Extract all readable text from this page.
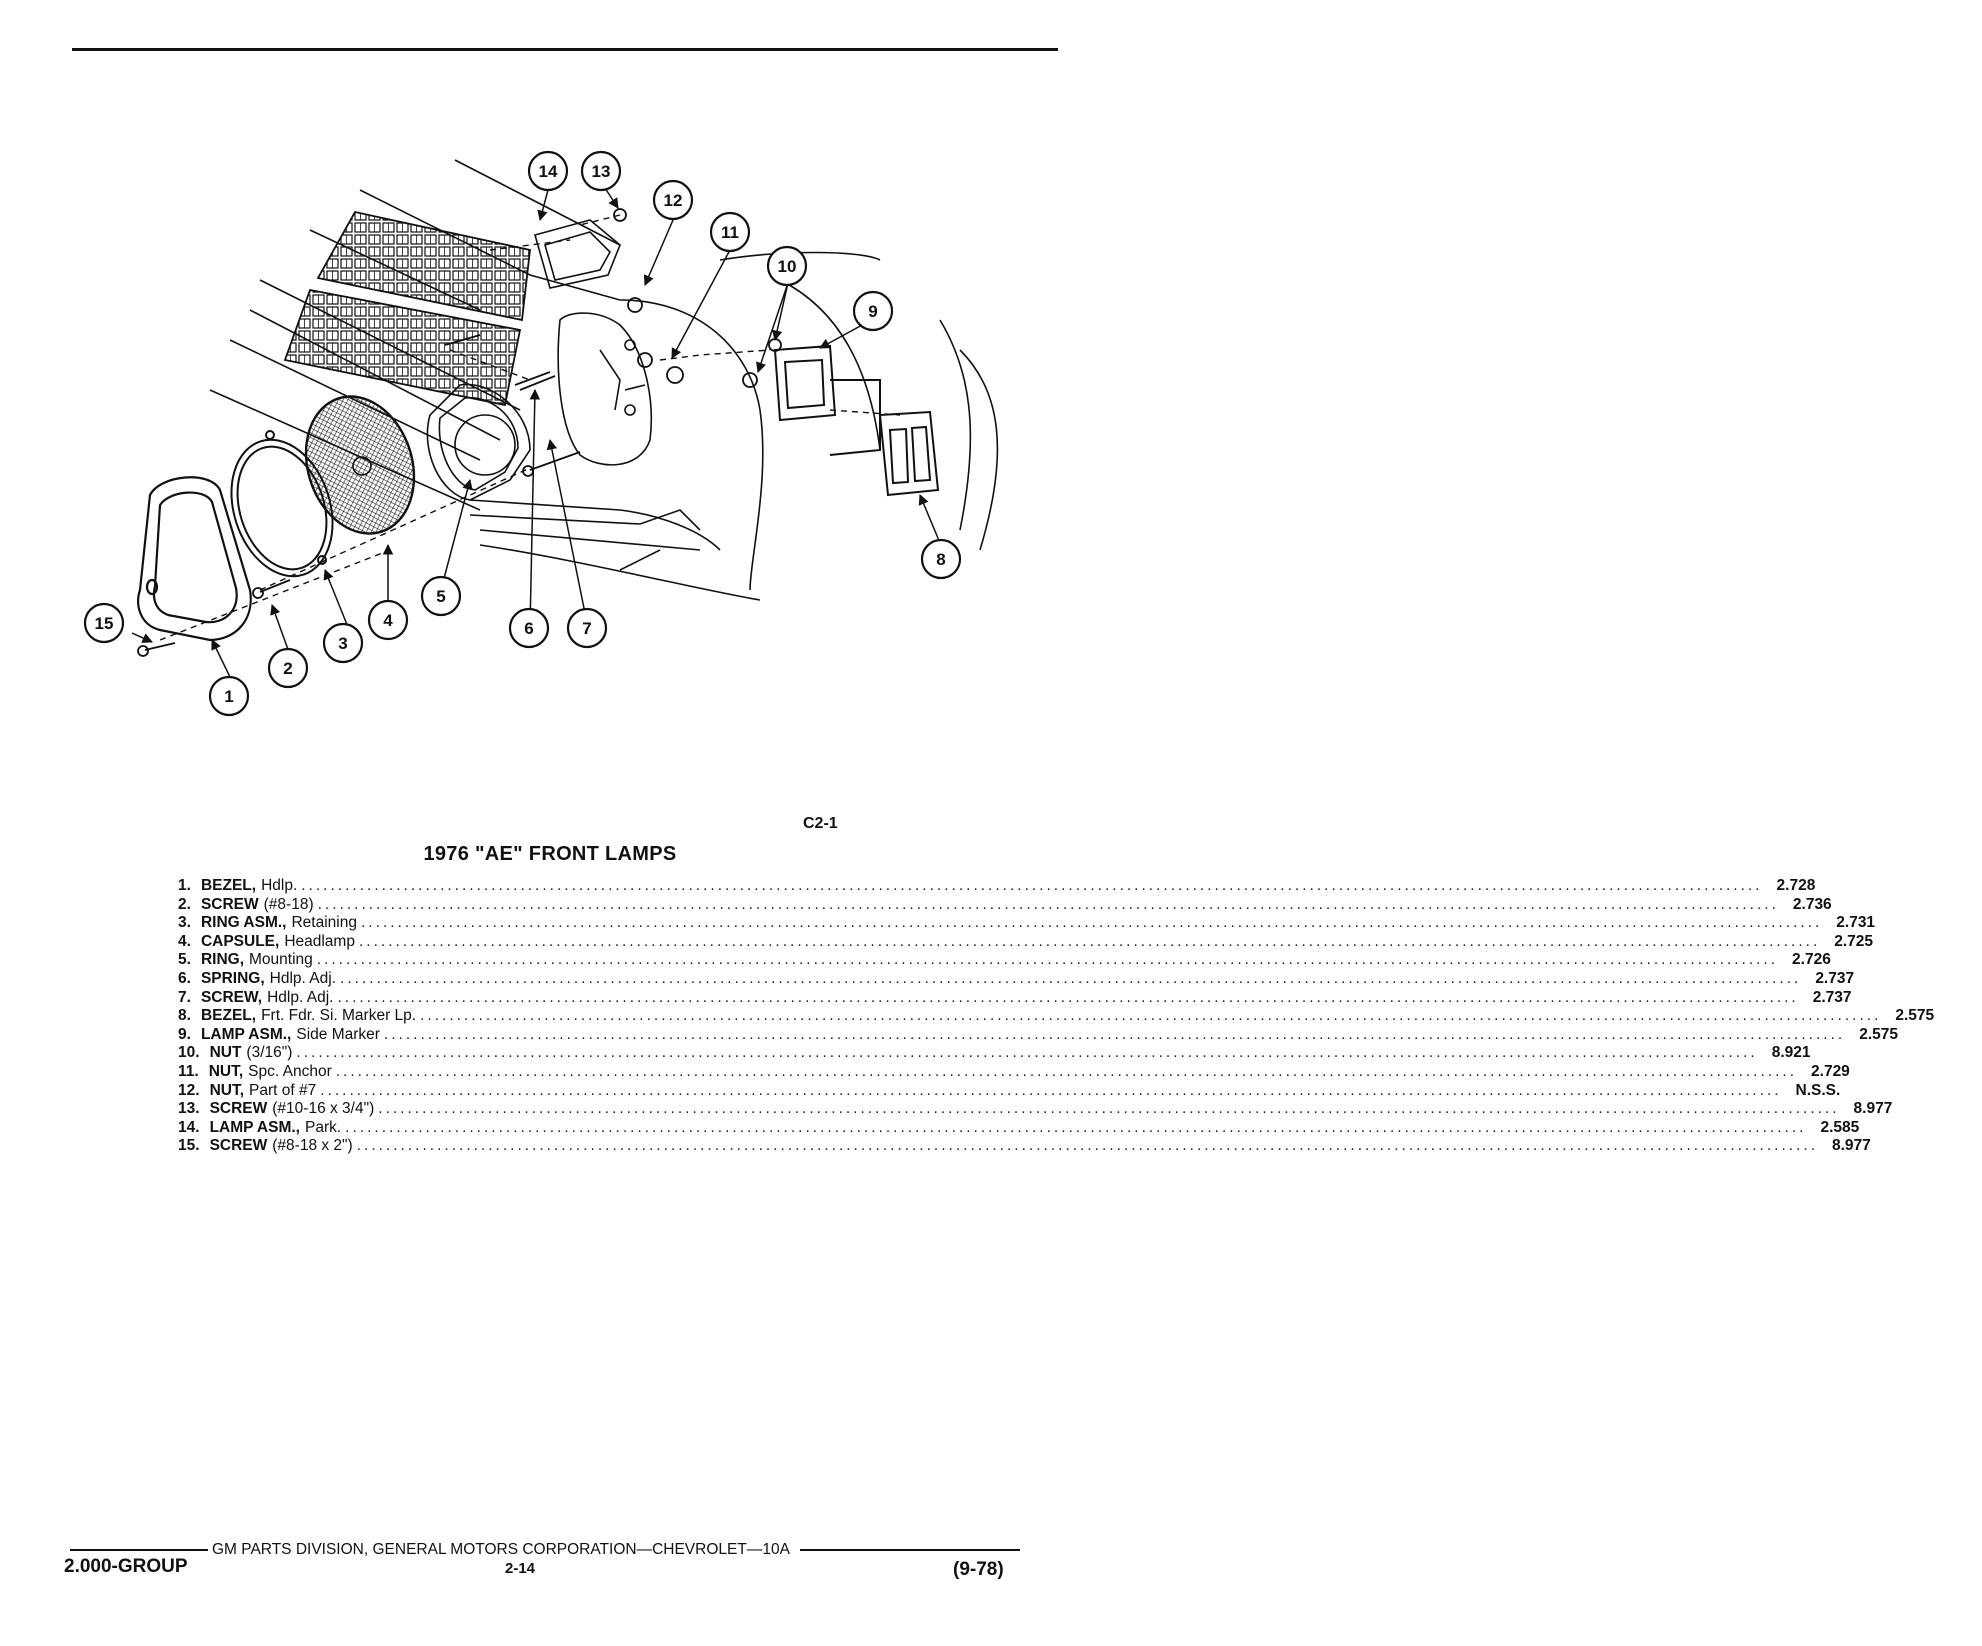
1
2
3
4
5
6	7
8
9
10
11
12
13
14
15
C2-1
1976 "AE" FRONT LAMPS
1. BEZEL, Hdlp. ........................................................................................................................................................................................................ 2.728
2. SCREW (#8-18) ........................................................................................................................................................................................................ 2.736
3. RING ASM., Retaining ........................................................................................................................................................................................................ 2.731
4. CAPSULE, Headlamp ........................................................................................................................................................................................................ 2.725
5. RING, Mounting ........................................................................................................................................................................................................ 2.726
6. SPRING, Hdlp. Adj. ........................................................................................................................................................................................................ 2.737
7. SCREW, Hdlp. Adj. ........................................................................................................................................................................................................ 2.737
8. BEZEL, Frt. Fdr. Si. Marker Lp. ........................................................................................................................................................................................................ 2.575
9. LAMP ASM., Side Marker ........................................................................................................................................................................................................ 2.575
10. NUT (3/16") ........................................................................................................................................................................................................ 8.921
11. NUT, Spc. Anchor ........................................................................................................................................................................................................ 2.729
12. NUT, Part of #7 ........................................................................................................................................................................................................ N.S.S.
13. SCREW (#10-16 x 3/4") ........................................................................................................................................................................................................ 8.977
14. LAMP ASM., Park. ........................................................................................................................................................................................................ 2.585
15. SCREW (#8-18 x 2") ........................................................................................................................................................................................................ 8.977
GM PARTS DIVISION, GENERAL MOTORS CORPORATION—CHEVROLET—10A
2.000-GROUP	2-14	(9-78)
